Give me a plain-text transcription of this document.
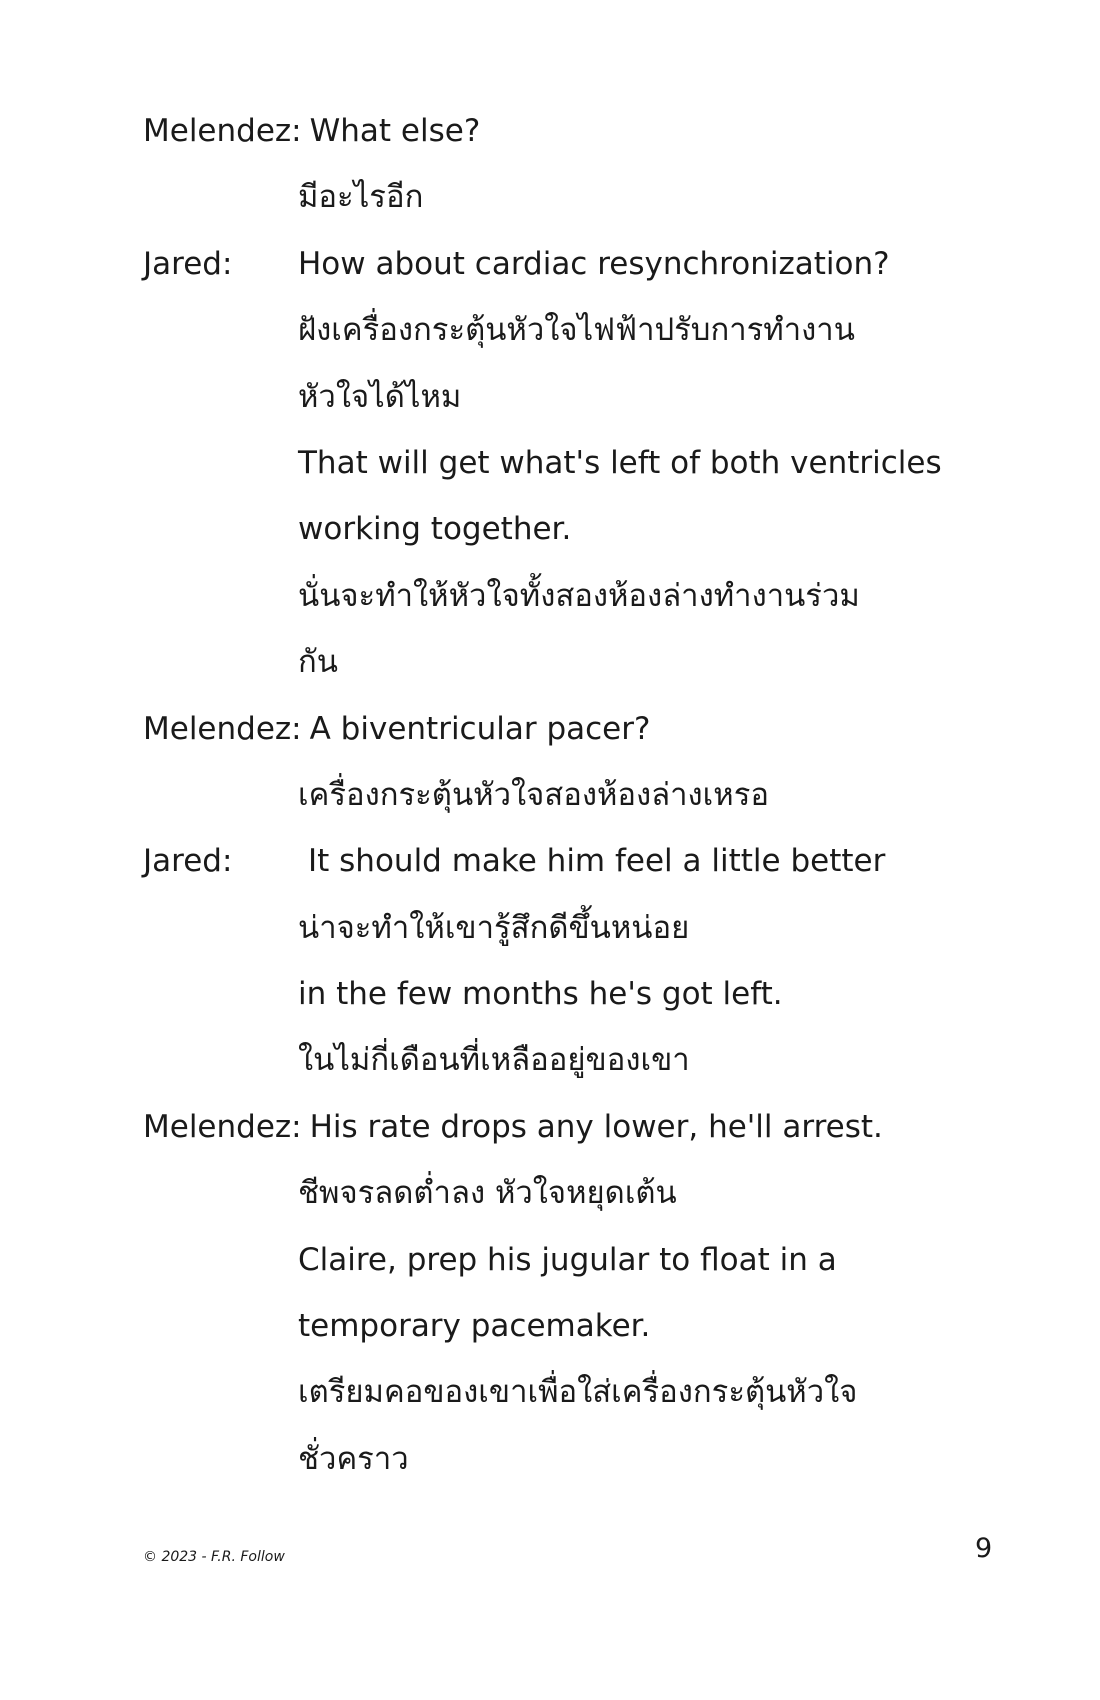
Melendez: What else?
มีอะไรอีก
Jared: How about cardiac resynchronization?
ฝังเครื่องกระตุ้นหัวใจไฟฟ้าปรับการทำงาน
หัวใจได้ไหม
That will get what's left of both ventricles
working together.
นั่นจะทำให้หัวใจทั้งสองห้องล่างทำงานร่วม
กัน
Melendez: A biventricular pacer?
เครื่องกระตุ้นหัวใจสองห้องล่างเหรอ
Jared: It should make him feel a little better
น่าจะทำให้เขารู้สึกดีขึ้นหน่อย
in the few months he's got left.
ในไม่กี่เดือนที่เหลืออยู่ของเขา
Melendez: His rate drops any lower, he'll arrest.
ชีพจรลดต่ำลง หัวใจหยุดเต้น
Claire, prep his jugular to float in a
temporary pacemaker.
เตรียมคอของเขาเพื่อใส่เครื่องกระตุ้นหัวใจ
ชั่วคราว
© 2023 - F.R. Follow	9
